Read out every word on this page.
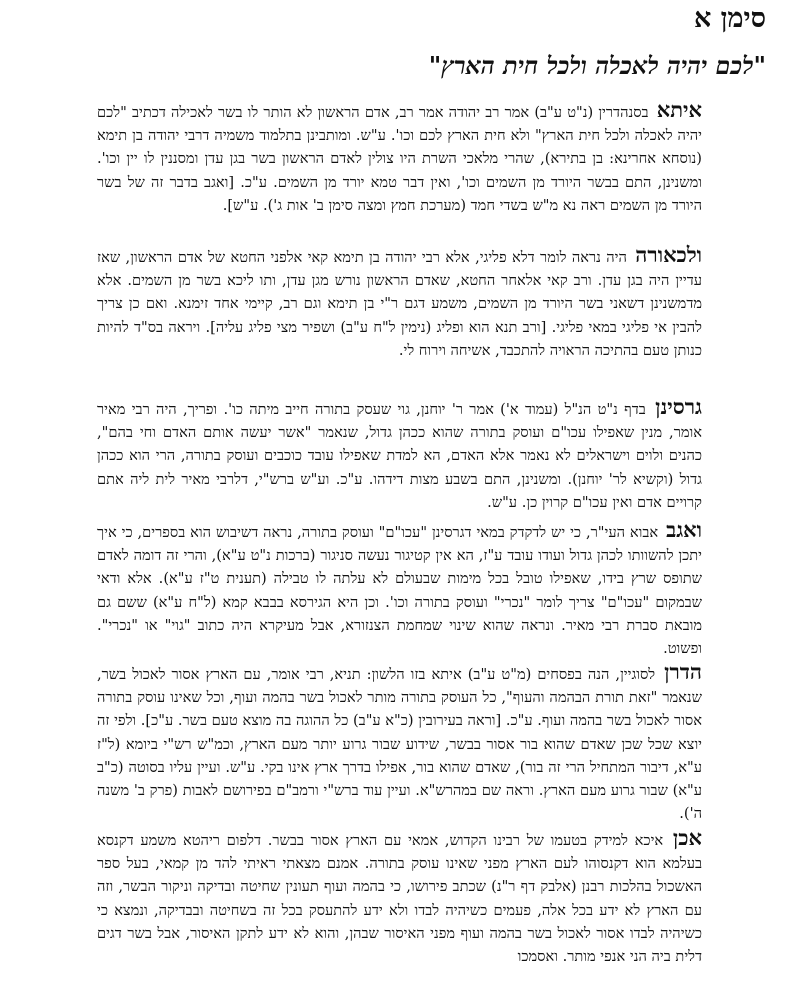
סימן א
"לכם יהיה לאכלה ולכל חית הארץ"

איתא בסנהדרין (נ"ט ע"ב) אמר רב יהודה אמר רב, אדם הראשון לא הותר לו בשר לאכילה דכתיב "לכם יהיה לאכלה ולכל חית הארץ" ולא חית הארץ לכם וכו'. ע"ש. ומותבינן בתלמוד משמיה דרבי יהודה בן תימא (נוסחא אחרינא: בן בתירא), שהרי מלאכי השרת היו צולין לאדם הראשון בשר בגן עדן ומסננין לו יין וכו'. ומשנינן, התם בבשר היורד מן השמים וכו', ואין דבר טמא יורד מן השמים. ע"כ. [ואגב בדבר זה של בשר היורד מן השמים ראה נא מ"ש בשדי חמד (מערכת חמץ ומצה סימן ב' אות ג'). ע"ש].

ולכאורה היה נראה לומר דלא פליגי, אלא רבי יהודה בן תימא קאי אלפני החטא של אדם הראשון, שאז עדיין היה בגן עדן. ורב קאי אלאחר החטא, שאדם הראשון נורש מגן עדן, ותו ליכא בשר מן השמים. אלא מדמשנינן דשאני בשר היורד מן השמים, משמע דגם ר"י בן תימא וגם רב, קיימי אחד זימנא. ואם כן צריך להבין אי פליגי במאי פליגי. [ורב תנא הוא ופליג (נימין ל"ח ע"ב) ושפיר מצי פליג עליה]. ויראה בס"ד להיות כנותן טעם בהתיכה הראויה להתכבד, אשיחה וירוח לי.

גרסינן בדף נ"ט הנ"ל (עמוד א') אמר ר' יוחנן, גוי שעסק בתורה חייב מיתה כו'. ופריך, היה רבי מאיר אומר, מנין שאפילו עכו"ם ועוסק בתורה שהוא ככהן גדול, שנאמר "אשר יעשה אותם האדם וחי בהם", כהנים ולוים וישראלים לא נאמר אלא האדם, הא למדת שאפילו עובד כוכבים ועוסק בתורה, הרי הוא ככהן גדול (וקשיא לר' יוחנן). ומשנינן, התם בשבע מצות דידהו. ע"כ. וע"ש ברש"י, דלרבי מאיר לית ליה אתם קרויים אדם ואין עכו"ם קרוין כן. ע"ש.

ואגב אבוא העי"ר, כי יש לדקדק במאי דגרסינן "עכו"ם" ועוסק בתורה, נראה דשיבוש הוא בספרים, כי איך יתכן להשוותו לכהן גדול ועודו עובד ע"ז, הא אין קטיגור נעשה סניגור (ברכות נ"ט ע"א), והרי זה דומה לאדם שתופס שרץ בידו, שאפילו טובל בכל מימות שבעולם לא עלתה לו טבילה (תענית ט"ז ע"א). אלא ודאי שבמקום "עכו"ם" צריך לומר "נכרי" ועוסק בתורה וכו'. וכן היא הגירסא בבבא קמא (ל"ח ע"א) ששם גם מובאת סברת רבי מאיר. ונראה שהוא שינוי שמחמת הצנזורא, אבל מעיקרא היה כתוב "גוי" או "נכרי". ופשוט.

הדרן לסוגיין, הנה בפסחים (מ"ט ע"ב) איתא בזו הלשון: תניא, רבי אומר, עם הארץ אסור לאכול בשר, שנאמר "זאת תורת הבהמה והעוף", כל העוסק בתורה מותר לאכול בשר בהמה ועוף, וכל שאינו עוסק בתורה אסור לאכול בשר בהמה ועוף. ע"כ. [וראה בעירובין (כ"א ע"ב) כל ההוגה בה מוצא טעם בשר. ע"כ]. ולפי זה יוצא שכל שכן שאדם שהוא בור אסור בבשר, שידוע שבור גרוע יותר מעם הארץ, וכמ"ש רש"י ביומא (ל"ז ע"א, דיבור המתחיל הרי זה בור), שאדם שהוא בור, אפילו בדרך ארץ אינו בקי. ע"ש. ועיין עליו בסוטה (כ"ב ע"א) שבור גרוע מעם הארץ. וראה שם במהרש"א. ועיין עוד ברש"י ורמב"ם בפירושם לאבות (פרק ב' משנה ה').

אכן איכא למידק בטעמו של רבינו הקדוש, אמאי עם הארץ אסור בבשר. דלפום ריהטא משמע דקנסא בעלמא הוא דקנסוהו לעם הארץ מפני שאינו עוסק בתורה. אמנם מצאתי ראיתי להד מן קמאי, בעל ספר האשכול בהלכות רבנן (אלבק דף ר"נ) שכתב פירושו, כי בהמה ועוף תעונין שחיטה ובדיקה וניקור הבשר, וזה עם הארץ לא ידע בכל אלה, פעמים כשיהיה לבדו ולא ידע להתעסק בכל זה בשחיטה ובבדיקה, ונמצא כי כשיהיה לבדו אסור לאכול בשר בהמה ועוף מפני האיסור שבהן, והוא לא ידע לתקן האיסור, אבל בשר דגים דלית ביה הני אנפי מותר. ואסמכו
